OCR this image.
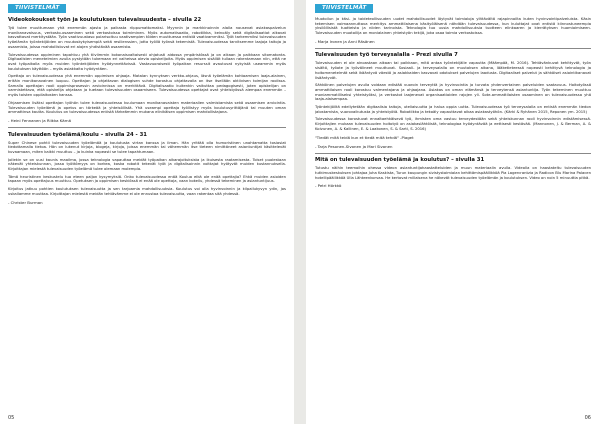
TIIVISTELMÄT
Videokokoukset työn ja koulutuksen tulevaisuudesta – sivulla 22
Työ tulee muuttumaan yhä enemmän ajasta ja paikasta riippumattomaksi. Myynnin ja markkinoinnin alalla nousevat asiakaspalvelun monikanavaisuus, verkosto-osaaminen sekä verkostoissa toimiminen. Myös automatisaatio, robotiikka, keinoäly sekä digitalisaatiot alkavat kasvattavat merkitystään. Työn vaativuustaso polarisoituu vaativampien töiden muuttuessa entistä vaativammiksi. Työt tarkemmiksi tulevaisuuden työelämän työntekijöiden on muutoskykyisempiä sekä resilienssien, jotta työllä työnsä tekemistä. Tulevaisuudessa tarvitsemme laajoja taitoja ja osaamista, joissa mahdollistuvat eri alojen yhdistävää osaamista.
Tulevaisuudessa oppiminen tapahtuu yhä tiiviimmin kokonaisvaltaisesti ohjatusti aidossa ympäristössä ja on aikaan ja paikkaan sitomatonta. Digitaalisten menetelmien avulla pystytään tukemaan eri vaiheissa olevia opiskelijoita. Myös oppimisen sisällöt tullaan rakentamaan niin, että ne ovat työpaikalla myös muiden työntekijöiden hyödynnettävissä. Vastavuoroisesti työpaikan resurssit avautuvat nykyistä useammin myös koulutuksen käyttöön – myös asiakkaita hyödyntäen.
Opettaja on tulevaisuudessa yhä enemmän oppimisen ohjaaja. Matalan kynnyksen verkko-ohjaus, läsnä työelämän kohtaamisen laaja-alainen, eritäin monikanavainen luopuu. Opettajan ja ohjattavan dialogisen suhde korostuu ohjattavalla on itse itsellään aktiivisen toimijan roolissa. Samalla opettajan rooli oppimisprosessin arvioinnissa on merkittävä. Digitalisaatio kuitenkin vaikuttaa pedagogisesti, joten opiskelijan on varmistettava, että opiskelija ohjataan ja tuetaan tulevaisuuden osaamiseen. Tulevaisuudessa opettajat ovat yhteistyössä aiempaa enemmän – myös toisten oppilaitosten kanssa.
Ohjaamisen lisäksi opettajan työhön tulee tulevaisuudessa kuulumaan monikanavaisten materiaalien valmistamista sekä osaamisen arviointia. Tulevaisuuden työelämä ja opetus on tärkeää ja yhteisöllistä. Yhä useampi opettaja työllistyy myös koulutusyrittäjänä tai muuten oman ammattinsa kautta. Koulutus on tulevaisuudessa entistä tärkeämmin mukana elinikäisen oppimisen mahdollistajana.
- Heini Fennanen ja Riikka Kärnä
Tulevaisuuden työelämä/koulu – sivulla 24 - 31
Super Chinese pohtii tulevaisuuden työelämää ja koulutusta virtan kanssa ja ilman. Hän yrittää olla humoristinen unohtamatta tosiasiat tiedottamalla tietoa. Hän on lukenut kirjoja, blogeja, kirjoja, joissa enemmän tai vähemmän itse tieteen nimittäneet asiantuntijat käsittelevät kuvaamaan, miten kaikki muuttuu – ja kuinka nopeasti se tulee tapahtumaan.
Jollekin se on uusi kaunis maailma, jossa teknologia vapauttaa meidät työpaikan aikarajoituksista ja ikuisesta raatamisesta. Toiset puolestaan näkevät yhteiskunnan, jossa työttömyys on korkea, koska robotit tekevät työt ja digitalisoinnin voittajat hyötyvät muiden kustannuksella. Kirjoittajan mielestä tulevaisuuden työelämä tulee olemaan molempia.
Tämä heuristinen keskustelu tuo eteen paljon kysymyksiä. Onko tulevaisuudessa enää Koulua eikä ole enää opettajia? Ehkä muiden asioiden tapaan myös opettajuus muuttuu. Opetuksen ja oppimisen keskiössä ei enää ole opettaja, vaan kokeilu, yhdessä tekeminen ja asiantuntijuus.
Kirjoitus jatkuu pohtien koulutuksen tulevaisuutta ja sen tarjoamia mahdollisuuksia. Koulutus voi olla hyvinvoinnin ja kilpailukyvyn ydin, jos uskallamme muuttaa. Kirjoittajan mielestä meidän tehtävämme ei ole ennustaa tulevaisuutta, vaan rakentaa sitä yhdessä.
- Christer Burman
05
TIIVISTELMÄT
Muotoilun ja käsi- ja taideteollisuuden uudet mahdollisuudet löytyvät toimialoja ylittävältä rajapinnoilta kuten hyvinvointipalveluista. Käsin tekemisen voimaannuttava merkitys ammattilaisena käsityöläisenä nähdään tulevaisuudessa, kun kuluttajat ovat entistä kiinnostuneempia yksilöllisistä tuotteista ja niiden tarinoista. Teknologia tuo uusia mahdollisuuksia tuotteen elinkaaren ja kierrätyksen huomioimiseen. Tulevaisuuden muotoilija on monialainen yhteistyön tekijä, joka osaa toimia verkostoissa.
- Marja Ironen ja Anni Räsänen
Tulevaisuuden työ terveysalalla – Prezi sivulla 7
Tulevaisuuden ei ole ainoastaan aikaan tai paikkaan, mitä antaa työntekijälle vapautta (Määmpää, M. 2016). Tehtävänkuvat kehittyvät, työn sisältö, työote ja työvälineet muuttuvat. Sosiaali- ja terveysalalla on muutoksen aikana, lääketieteessä nopeasti kehittyvä teknologia ja hoitomenetelmät sekä ikääntyvä väestö ja asiakkaiden kasvavat odotukset palvelujen laadusta. Digitaaliset palvelut ja sähköiset asiointikanavat lisääntyvät.
Sähköinen palvelujen avulla voidaan edistää vuoroin terveyttä ja hyvinvointia ja turvata yhdenvertainen palveluiden saatavuus. Hoitotyössä ammattilaisen rooli korostuu valmentajana ja ohjaajana. Asiakas on oman elämänsä ja terveytensä asiantuntija. Työn tekeminen muuttuu moniammatilliseksi yhteistyöksi, ja verkostot laajenevat organisaatioiden rajojen yli. Sote-ammattilaisten osaaminen on tulevaisuudessa yhä laaja-alaisempaa.
Työntekijöiltä edellytetään digitaalisia taitoja, uteliaisuutta ja halua oppia uutta. Tulevaisuudessa työ terveysalalla on entistä enemmän tiedon jalostamista, vuorovaikutusta ja yhteistyötä. Robotiikka ja tekoäly vapauttavat aikaa asiakastyöhön. (Kärki & Ryhänen 2015, Reponen ym. 2015)
Tulevaisuudessa korostuvat ennaltaehkäisevä työ, ihmisten oma vastuu terveydestään sekä yhteiskunnan rooli hyvinvoinnin edistämisessä. Kirjoittajien mukaan tulevaisuuden hoitotyö on asiakaslähtöistä, teknologiaa hyödyntävää ja eettisesti kestävää. (Mannonen, J. & Berman, A. & Koivunen, A. & Kallinen, E. & Laakonen, S. & Sarti, S. 2016)
"Tiedät mitä teidä kun et tiedä mitä tehdä" -Piaget
- Tarja Pesonen-Sivonen ja Mari Sivonen
Mitä on tulevaisuuden työelämä ja koulutus? – sivulla 31
Tutustu näihin teemoihin ohessa videon asiantuntijahaastatteluiden ja muun materiaalin avulla. Videolla on haastateltu tulevaisuuden tutkimuskeskuksen johtajaa Juha Kaskista, Turun kaupungin sivistystoimialan kehittämispäällikköä Pia Lagercrantzia ja Radicon Blu Marina Palacen hotellipäällikköä Ulla Lähteenkorvaa. He kertovat millaisena he näkevät tulevaisuuden työelämän ja koulutuksen. Video on noin 5 minuuttia pitkä.
- Petri Hörkkö
06
